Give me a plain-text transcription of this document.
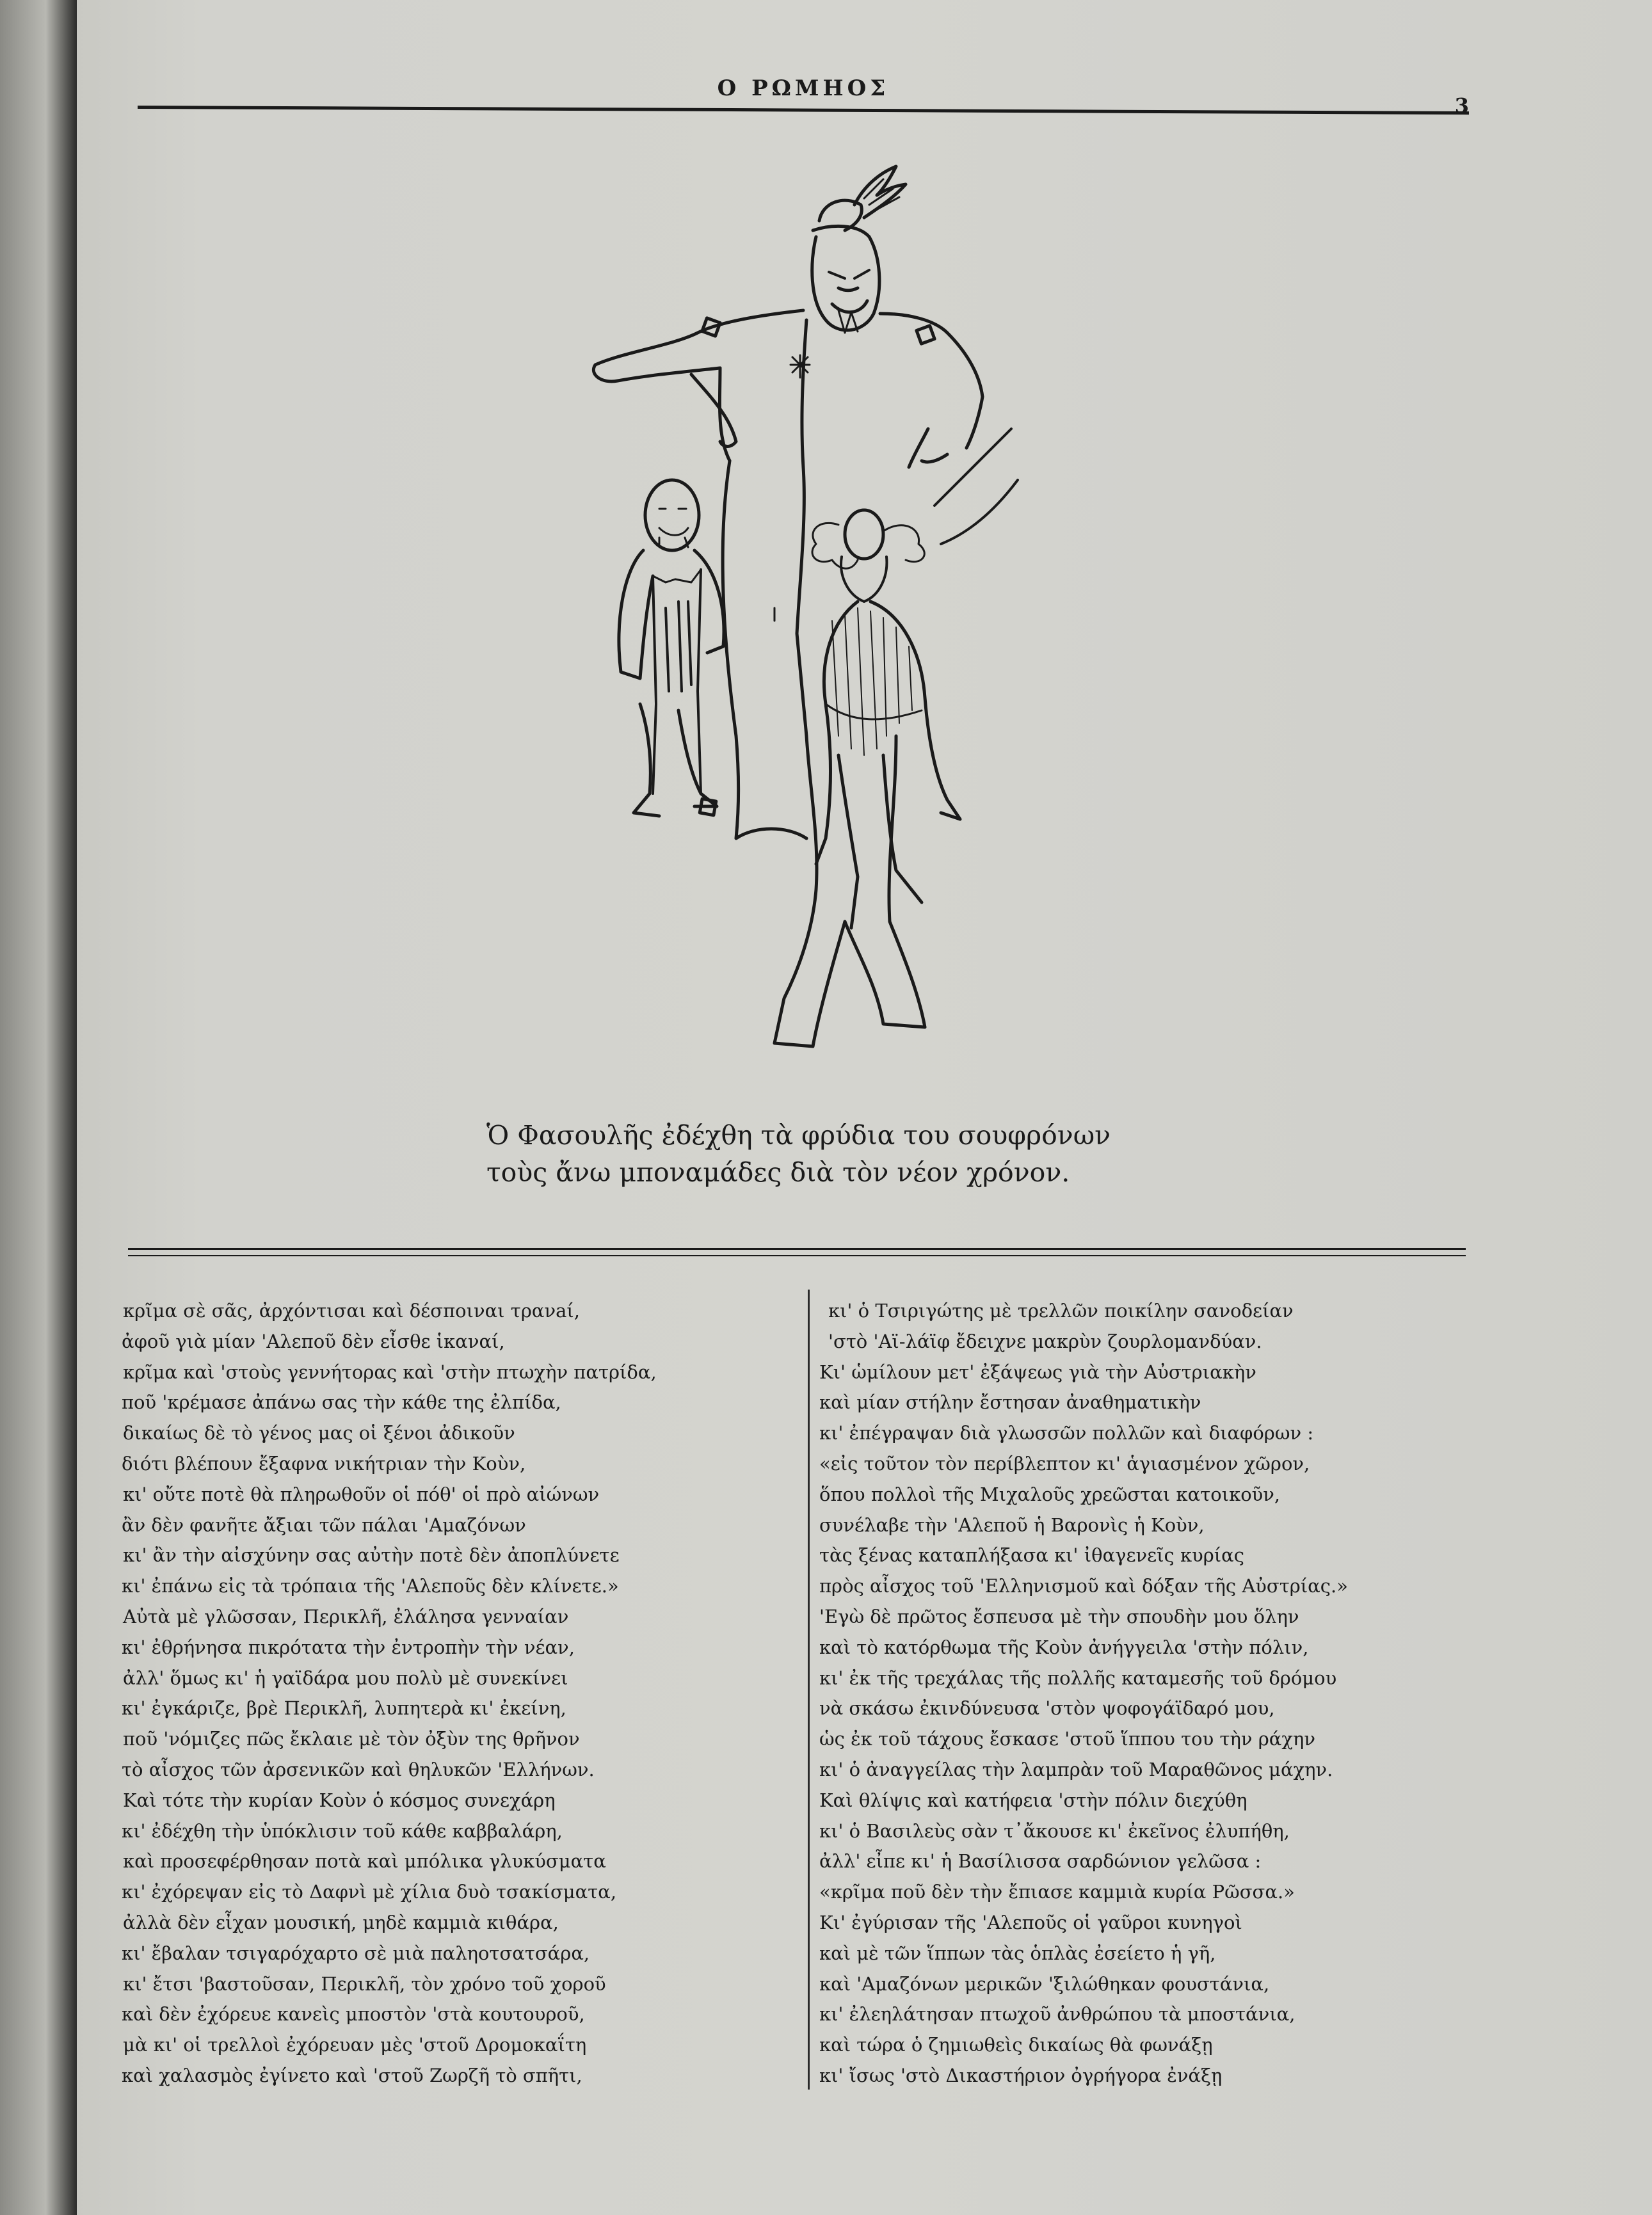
Ο ΡΩΜΗΟΣ
3
Ὁ Φασουλῆς ἐδέχθη τὰ φρύδια του σουφρόνων
τοὺς ἄνω μποναμάδες διὰ τὸν νέον χρόνον.
κρῖμα σὲ σᾶς, ἀρχόντισαι καὶ δέσποιναι τρανaί,
ἀφοῦ γιὰ μίαν 'Αλεποῦ δὲν εἶσθε ἱκαναί,
κρῖμα καὶ 'στοὺς γεννήτορας καὶ 'στὴν πτωχὴν πατρίδα,
ποῦ 'κρέμασε ἀπάνω σας τὴν κάθε της ἐλπίδα,
δικαίως δὲ τὸ γένος μας οἱ ξένοι ἀδικοῦν
διότι βλέπουν ἔξαφνα νικήτριαν τὴν Κοὺν,
κι' οὔτε ποτὲ θὰ πληρωθοῦν οἱ πόθ' οἱ πρὸ αἰώνων
ἂν δὲν φανῆτε ἄξιαι τῶν πάλαι 'Αμαζόνων
κι' ἂν τὴν αἰσχύνην σας αὐτὴν ποτὲ δὲν ἀποπλύνετε
κι' ἐπάνω εἰς τὰ τρόπαια τῆς 'Αλεποῦς δὲν κλίνετε.»
Αὐτὰ μὲ γλῶσσαν, Περικλῆ, ἐλάλησα γενναίαν
κι' ἐθρήνησα πικρότατα τὴν ἐντροπὴν τὴν νέαν,
ἀλλ' ὅμως κι' ἡ γαϊδάρα μου πολὺ μὲ συνεκίνει
κι' ἐγκάριζε, βρὲ Περικλῆ, λυπητερὰ κι' ἐκείνη,
ποῦ 'νόμιζες πῶς ἔκλαιε μὲ τὸν ὀξὺν της θρῆνον
τὸ αἶσχος τῶν ἀρσενικῶν καὶ θηλυκῶν 'Ελλήνων.
Καὶ τότε τὴν κυρίαν Κοὺν ὁ κόσμος συνεχάρη
κι' ἐδέχθη τὴν ὑπόκλισιν τοῦ κάθε καββαλάρη,
καὶ προσεφέρθησαν ποτὰ καὶ μπόλικα γλυκύσματα
κι' ἐχόρεψαν εἰς τὸ Δαφνὶ μὲ χίλια δυὸ τσακίσματα,
ἀλλὰ δὲν εἶχαν μουσική, μηδὲ καμμιὰ κιθάρα,
κι' ἔβαλαν τσιγαρόχαρτο σὲ μιὰ παληοτσατσάρα,
κι' ἔτσι 'βαστοῦσαν, Περικλῆ, τὸν χρόνο τοῦ χοροῦ
καὶ δὲν ἐχόρευε κανεὶς μποστὸν 'στὰ κουτουροῦ,
μὰ κι' οἱ τρελλοὶ ἐχόρευαν μὲς 'στοῦ Δρομοκαΐτη
καὶ χαλασμὸς ἐγίνετο καὶ 'στοῦ Ζωρζῆ τὸ σπῆτι,
κι' ὁ Τσιριγώτης μὲ τρελλῶν ποικίλην σανοδείαν
'στὸ 'Αϊ-λάϊφ ἔδειχνε μακρὺν ζουρλομανδύαν.
Κι' ὡμίλουν μετ' ἐξάψεως γιὰ τὴν Αὐστριακὴν
καὶ μίαν στήλην ἔστησαν ἀναθηματικὴν
κι' ἐπέγραψαν διὰ γλωσσῶν πολλῶν καὶ διαφόρων :
«εἰς τοῦτον τὸν περίβλεπτον κι' ἁγιασμένον χῶρον,
ὅπου πολλοὶ τῆς Μιχαλοῦς χρεῶσται κατοικοῦν,
συνέλαβε τὴν 'Αλεποῦ ἡ Βαρονὶς ἡ Κοὺν,
τὰς ξένας καταπλήξασα κι' ἰθαγενεῖς κυρίας
πρὸς αἶσχος τοῦ 'Ελληνισμοῦ καὶ δόξαν τῆς Αὐστρίας.»
'Εγὼ δὲ πρῶτος ἔσπευσα μὲ τὴν σπουδὴν μου ὅλην
καὶ τὸ κατόρθωμα τῆς Κοὺν ἀνήγγειλα 'στὴν πόλιν,
κι' ἐκ τῆς τρεχάλας τῆς πολλῆς καταμεσῆς τοῦ δρόμου
νὰ σκάσω ἐκινδύνευσα 'στὸν ψοφογάϊδαρό μου,
ὡς ἐκ τοῦ τάχους ἔσκασε 'στοῦ ἵππου του τὴν ράχην
κι' ὁ ἀναγγείλας τὴν λαμπρὰν τοῦ Μαραθῶνος μάχην.
Καὶ θλίψις καὶ κατήφεια 'στὴν πόλιν διεχύθη
κι' ὁ Βασιλεὺς σὰν τ᾽ἄκουσε κι' ἐκεῖνος ἐλυπήθη,
ἀλλ' εἶπε κι' ἡ Βασίλισσα σαρδώνιον γελῶσα :
«κρῖμα ποῦ δὲν τὴν ἔπιασε καμμιὰ κυρία Ρῶσσα.»
Κι' ἐγύρισαν τῆς 'Αλεποῦς οἱ γαῦροι κυνηγοὶ
καὶ μὲ τῶν ἵππων τὰς ὁπλὰς ἐσείετο ἡ γῆ,
καὶ 'Αμαζόνων μερικῶν 'ξιλώθηκαν φουστάνια,
κι' ἐλεηλάτησαν πτωχοῦ ἀνθρώπου τὰ μποστάνια,
καὶ τώρα ὁ ζημιωθεὶς δικαίως θὰ φωνάξῃ
κι' ἴσως 'στὸ Δικαστήριον ὀγρήγορα ἐνάξῃ
